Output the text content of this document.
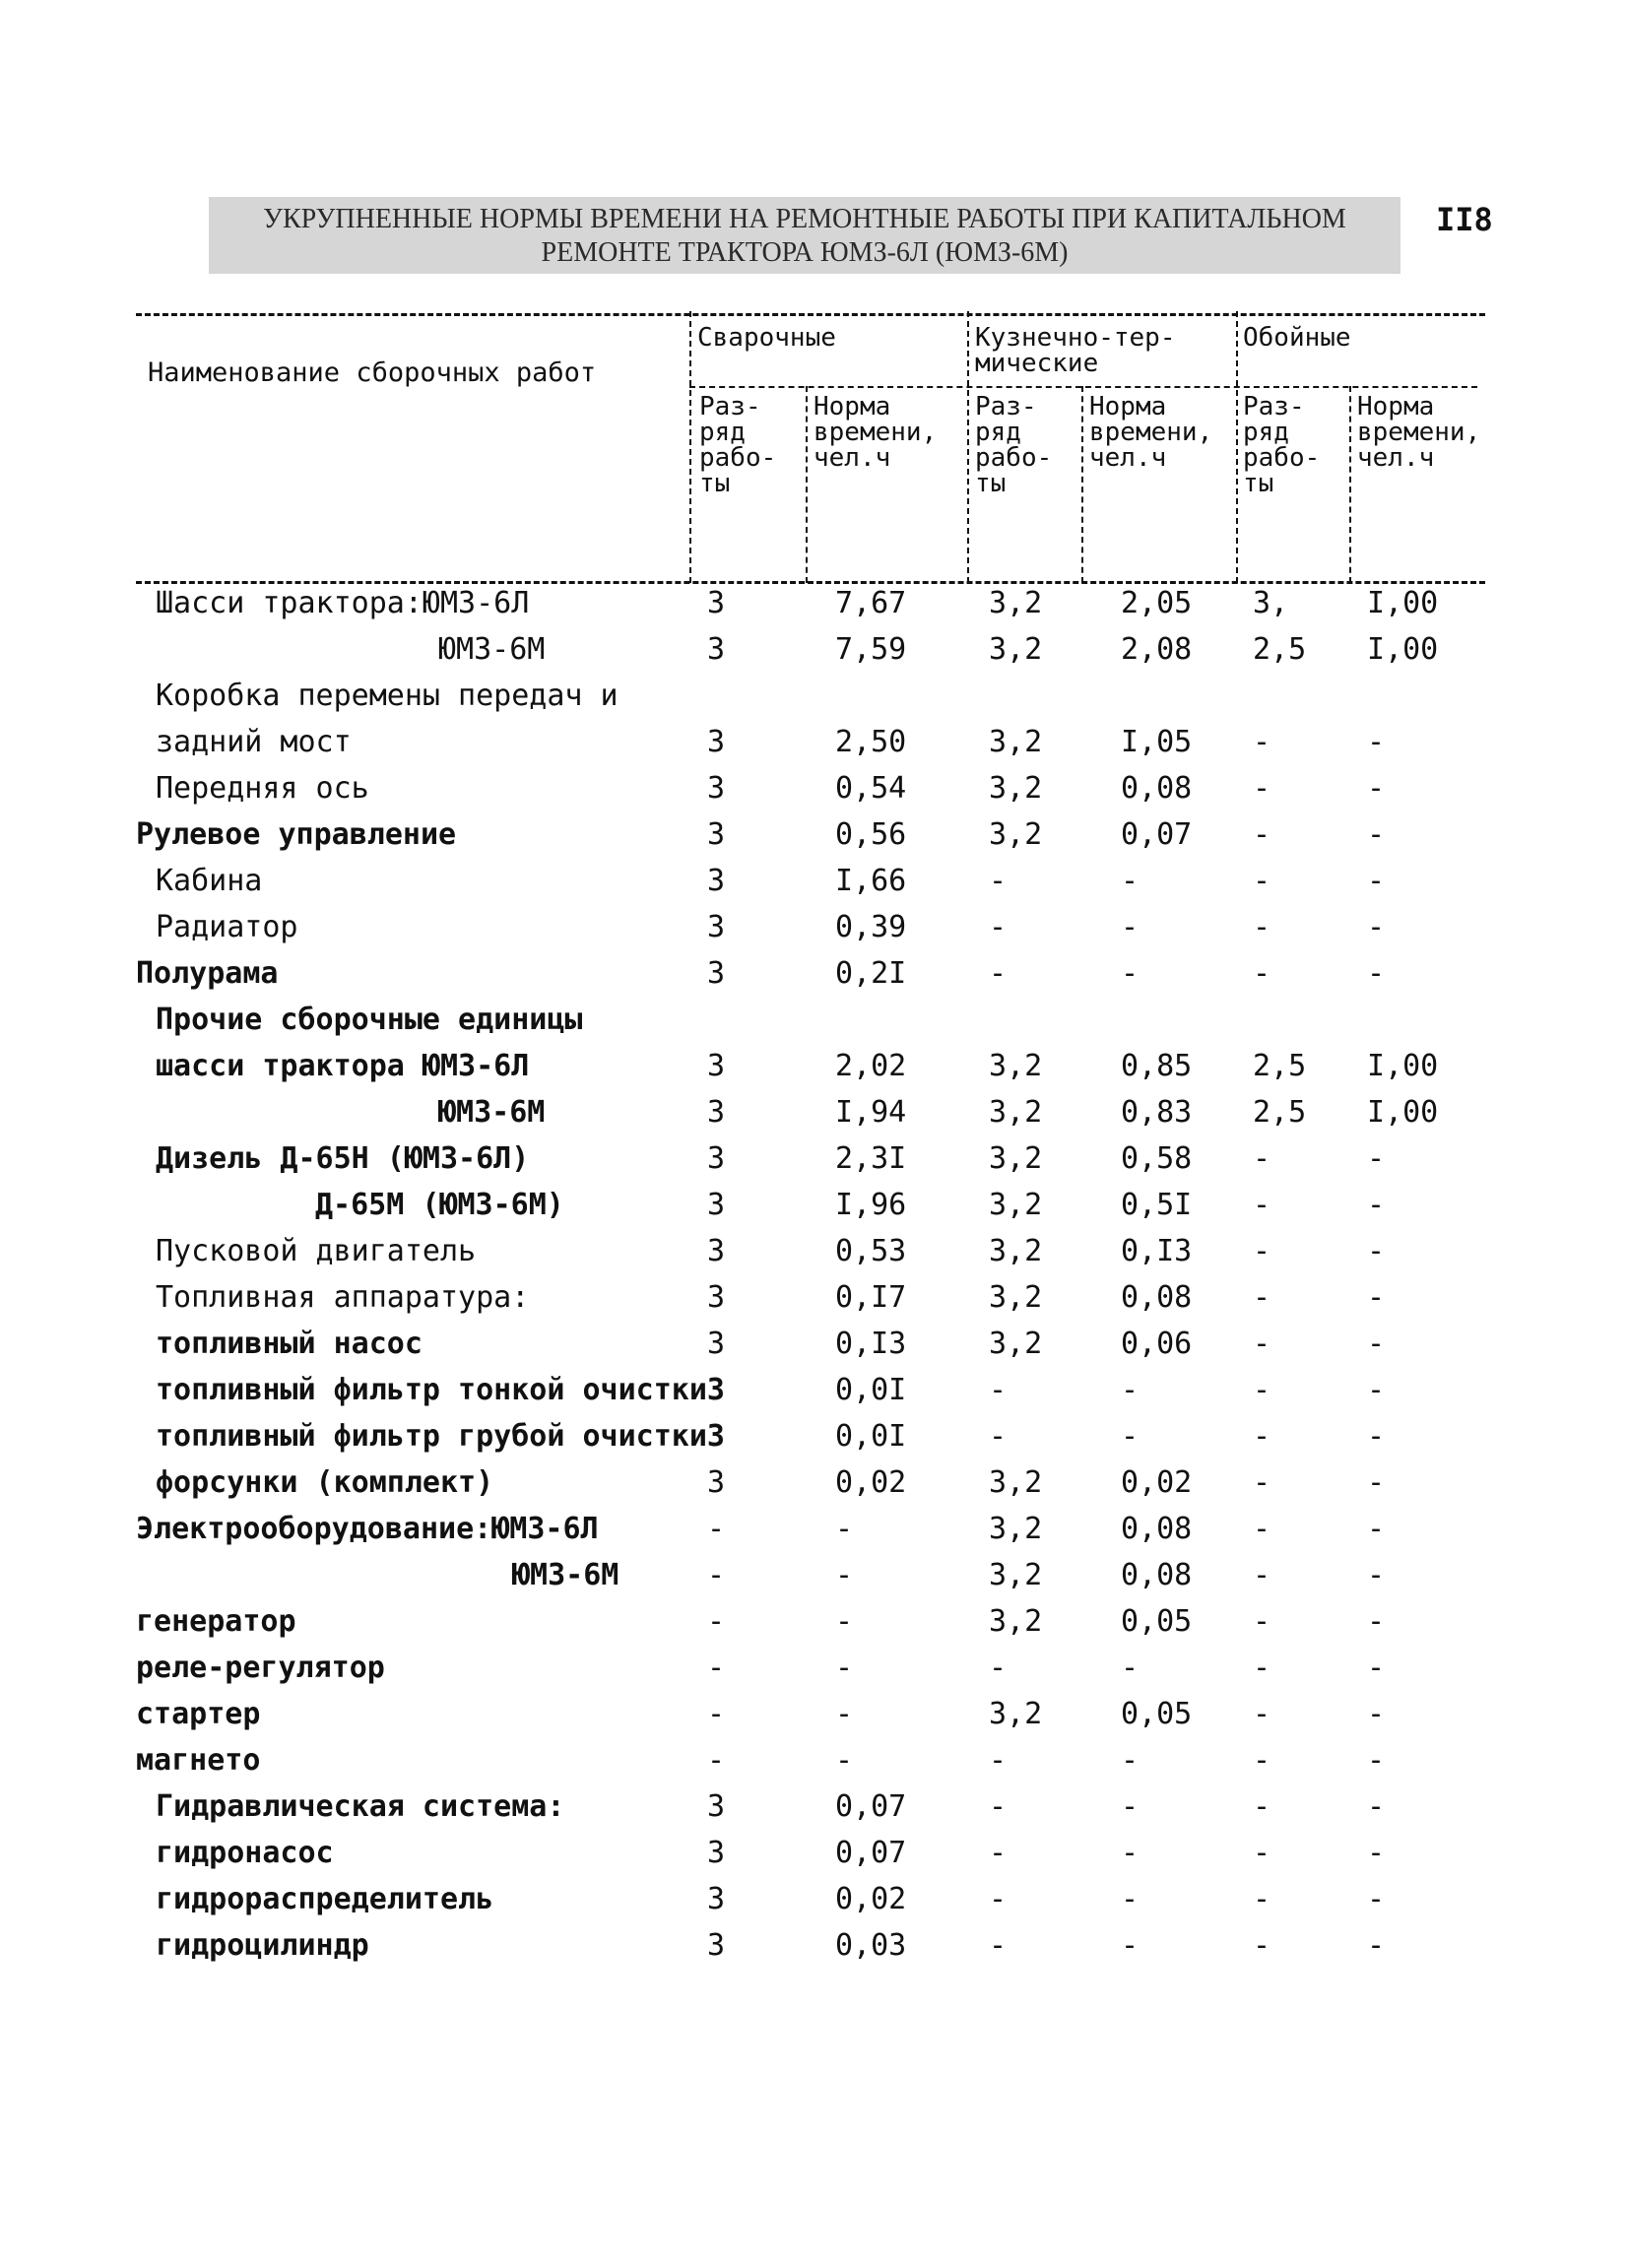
УКРУПНЕННЫЕ НОРМЫ ВРЕМЕНИ НА РЕМОНТНЫЕ РАБОТЫ ПРИ КАПИТАЛЬНОМ
РЕМОНТЕ ТРАКТОРА ЮМЗ-6Л (ЮМЗ-6М)
II8
Наименование сборочных работ
Сварочные	Кузнечно-тер-
мические
Обойные
Раз-
ряд
рабо-
ты
Норма
времени,
чел.ч
Раз-
ряд
рабо-
ты
Норма
времени,
чел.ч
Раз-
ряд
рабо-
ты
Норма
времени,
чел.ч
Шасси трактора:ЮМЗ-6Л	3	7,67	3,2	2,05 3,	I,00
ЮМЗ-6М	3	7,59	3,2	2,08 2,5 I,00
Коробка перемены передач и
задний мост	3	2,50	3,2	I,05 -	-
Передняя ось	3	0,54	3,2	0,08 -	-
Рулевое управление	3	0,56	3,2	0,07 -	-
Кабина	3	I,66	-	-	-	-
Радиатор	3	0,39	-	-	-	-
Полурама	3	0,2I	-	-	-	-
Прочие сборочные единицы
шасси трактора ЮМЗ-6Л	3	2,02	3,2	0,85 2,5 I,00
ЮМЗ-6М	3	I,94	3,2	0,83 2,5 I,00
Дизель Д-65Н (ЮМЗ-6Л)	3	2,3I	3,2	0,58 -	-
Д-65М (ЮМЗ-6М)	3	I,96	3,2	0,5I -	-
Пусковой двигатель	3	0,53	3,2	0,I3 -	-
Топливная аппаратура:	3	0,I7	3,2	0,08 -	-
топливный насос	3	0,I3	3,2	0,06 -	-
топливный фильтр тонкой очистки3	0,0I	-	-	-	-
топливный фильтр грубой очистки3	0,0I	-	-	-	-
форсунки (комплект)	3	0,02	3,2	0,02 -	-
Электрооборудование:ЮМЗ-6Л	-	-	3,2	0,08 -	-
ЮМЗ-6М	-	-	3,2	0,08 -	-
генератор	-	-	3,2	0,05 -	-
реле-регулятор	-	-	-	-	-	-
стартер	-	-	3,2	0,05 -	-
магнето	-	-	-	-	-	-
Гидравлическая система:	3	0,07	-	-	-	-
гидронасос	3	0,07	-	-	-	-
гидрораспределитель	3	0,02	-	-	-	-
гидроцилиндр	3	0,03	-	-	-	-
